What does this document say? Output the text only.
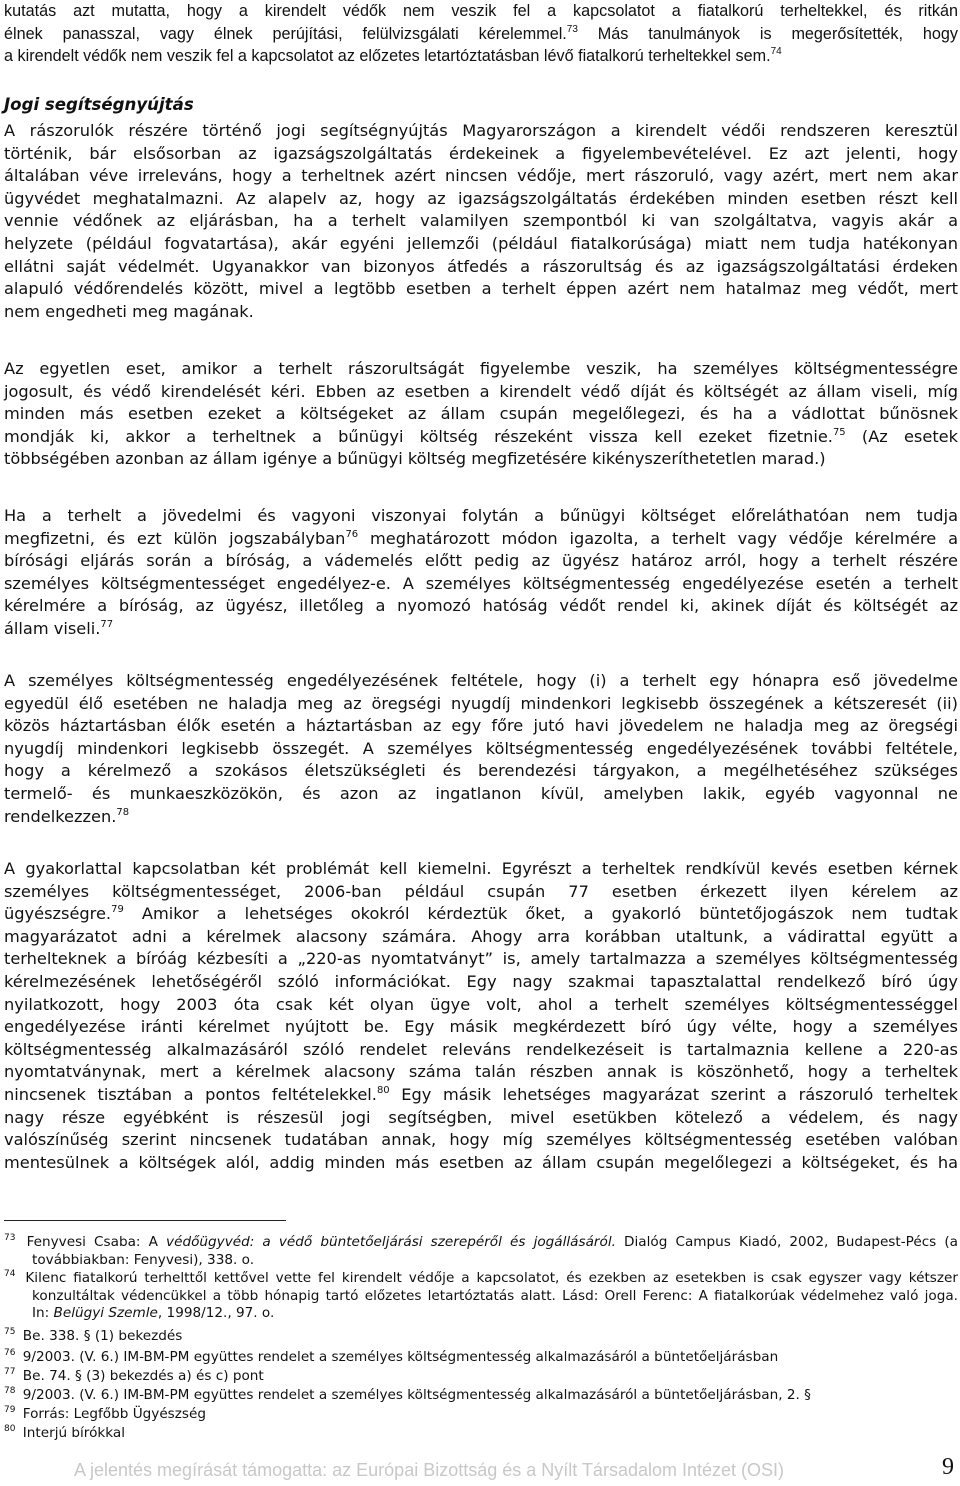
kutatás azt mutatta, hogy a kirendelt védők nem veszik fel a kapcsolatot a fiatalkorú terheltekkel, és ritkán
élnek panasszal, vagy élnek perújítási, felülvizsgálati kérelemmel.$^{73}$ Más tanulmányok is megerősítették, hogy
a kirendelt védők nem veszik fel a kapcsolatot az előzetes letartóztatásban lévő fiatalkorú terheltekkel sem.$^{74}$
Jogi segítségnyújtás
A rászorulók részére történő jogi segítségnyújtás Magyarországon a kirendelt védői rendszeren keresztül
történik, bár elsősorban az igazságszolgáltatás érdekeinek a figyelembevételével. Ez azt jelenti, hogy
általában véve irreleváns, hogy a terheltnek azért nincsen védője, mert rászoruló, vagy azért, mert nem akar
ügyvédet meghatalmazni. Az alapelv az, hogy az igazságszolgáltatás érdekében minden esetben részt kell
vennie védőnek az eljárásban, ha a terhelt valamilyen szempontból ki van szolgáltatva, vagyis akár a
helyzete (például fogvatartása), akár egyéni jellemzői (például fiatalkorúsága) miatt nem tudja hatékonyan
ellátni saját védelmét. Ugyanakkor van bizonyos átfedés a rászorultság és az igazságszolgáltatási érdeken
alapuló védőrendelés között, mivel a legtöbb esetben a terhelt éppen azért nem hatalmaz meg védőt, mert
nem engedheti meg magának.
Az egyetlen eset, amikor a terhelt rászorultságát figyelembe veszik, ha személyes költségmentességre
jogosult, és védő kirendelését kéri. Ebben az esetben a kirendelt védő díját és költségét az állam viseli, míg
minden más esetben ezeket a költségeket az állam csupán megelőlegezi, és ha a vádlottat bűnösnek
mondják ki, akkor a terheltnek a bűnügyi költség részeként vissza kell ezeket fizetnie.$^{75}$ (Az esetek
többségében azonban az állam igénye a bűnügyi költség megfizetésére kikényszeríthetetlen marad.)
Ha a terhelt a jövedelmi és vagyoni viszonyai folytán a bűnügyi költséget előreláthatóan nem tudja
megfizetni, és ezt külön jogszabályban$^{76}$ meghatározott módon igazolta, a terhelt vagy védője kérelmére a
bírósági eljárás során a bíróság, a vádemelés előtt pedig az ügyész határoz arról, hogy a terhelt részére
személyes költségmentességet engedélyez-e. A személyes költségmentesség engedélyezése esetén a terhelt
kérelmére a bíróság, az ügyész, illetőleg a nyomozó hatóság védőt rendel ki, akinek díját és költségét az
állam viseli.$^{77}$
A személyes költségmentesség engedélyezésének feltétele, hogy (i) a terhelt egy hónapra eső jövedelme
egyedül élő esetében ne haladja meg az öregségi nyugdíj mindenkori legkisebb összegének a kétszeresét (ii)
közös háztartásban élők esetén a háztartásban az egy főre jutó havi jövedelem ne haladja meg az öregségi
nyugdíj mindenkori legkisebb összegét. A személyes költségmentesség engedélyezésének további feltétele,
hogy a kérelmező a szokásos életszükségleti és berendezési tárgyakon, a megélhetéséhez szükséges
termelő- és munkaeszközökön, és azon az ingatlanon kívül, amelyben lakik, egyéb vagyonnal ne
rendelkezzen.$^{78}$
A gyakorlattal kapcsolatban két problémát kell kiemelni. Egyrészt a terheltek rendkívül kevés esetben kérnek
személyes költségmentességet, 2006-ban például csupán 77 esetben érkezett ilyen kérelem az
ügyészségre.$^{79}$ Amikor a lehetséges okokról kérdeztük őket, a gyakorló büntetőjogászok nem tudtak
magyarázatot adni a kérelmek alacsony számára. Ahogy arra korábban utaltunk, a vádirattal együtt a
terhelteknek a bíróág kézbesíti a „220-as nyomtatványt” is, amely tartalmazza a személyes költségmentesség
kérelmezésének lehetőségéről szóló információkat. Egy nagy szakmai tapasztalattal rendelkező bíró úgy
nyilatkozott, hogy 2003 óta csak két olyan ügye volt, ahol a terhelt személyes költségmentességgel
engedélyezése iránti kérelmet nyújtott be. Egy másik megkérdezett bíró úgy vélte, hogy a személyes
költségmentesség alkalmazásáról szóló rendelet releváns rendelkezéseit is tartalmaznia kellene a 220-as
nyomtatványnak, mert a kérelmek alacsony száma talán részben annak is köszönhető, hogy a terheltek
nincsenek tisztában a pontos feltételekkel.$^{80}$ Egy másik lehetséges magyarázat szerint a rászoruló terheltek
nagy része egyébként is részesül jogi segítségben, mivel esetükben kötelező a védelem, és nagy
valószínűség szerint nincsenek tudatában annak, hogy míg személyes költségmentesség esetében valóban
mentesülnek a költségek alól, addig minden más esetben az állam csupán megelőlegezi a költségeket, és ha
$^{73}$ Fenyvesi Csaba: A védőügyvéd: a védő büntetőeljárási szerepéről és jogállásáról. Dialóg Campus Kiadó, 2002, Budapest-Pécs (a
továbbiakban: Fenyvesi), 338. o.
$^{74}$ Kilenc fiatalkorú terhelttől kettővel vette fel kirendelt védője a kapcsolatot, és ezekben az esetekben is csak egyszer vagy kétszer
konzultáltak védencükkel a több hónapig tartó előzetes letartóztatás alatt. Lásd: Orell Ferenc: A fiatalkorúak védelmehez való joga.
In: Belügyi Szemle, 1998/12., 97. o.
$^{75}$ Be. 338. § (1) bekezdés
$^{76}$ 9/2003. (V. 6.) IM-BM-PM együttes rendelet a személyes költségmentesség alkalmazásáról a büntetőeljárásban
$^{77}$ Be. 74. § (3) bekezdés a) és c) pont
$^{78}$ 9/2003. (V. 6.) IM-BM-PM együttes rendelet a személyes költségmentesség alkalmazásáról a büntetőeljárásban, 2. §
$^{79}$ Forrás: Legfőbb Ügyészség
$^{80}$ Interjú bírókkal

A jelentés megírását támogatta: az Európai Bizottság és a Nyílt Társadalom Intézet (OSI)	9
